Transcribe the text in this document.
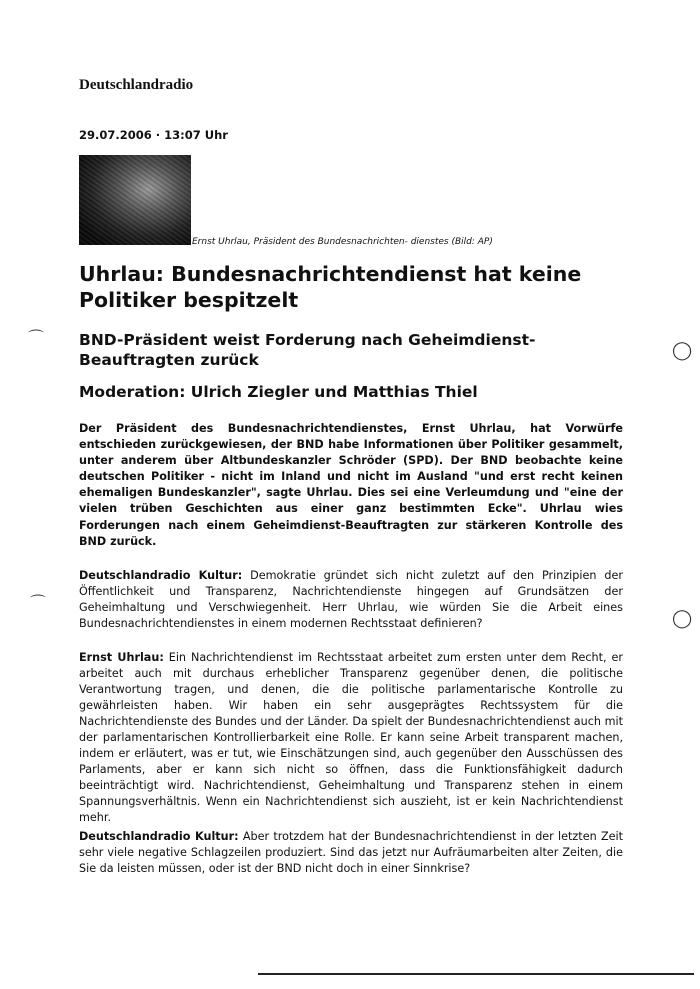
Deutschlandradio
29.07.2006 · 13:07 Uhr
Ernst Uhrlau, Präsident des Bundesnachrichten- dienstes (Bild: AP)
Uhrlau: Bundesnachrichtendienst hat keine Politiker bespitzelt
BND-Präsident weist Forderung nach Geheimdienst-Beauftragten zurück
Moderation: Ulrich Ziegler und Matthias Thiel

Der Präsident des Bundesnachrichtendienstes, Ernst Uhrlau, hat Vorwürfe entschieden zurückgewiesen, der BND habe Informationen über Politiker gesammelt, unter anderem über Altbundeskanzler Schröder (SPD). Der BND beobachte keine deutschen Politiker - nicht im Inland und nicht im Ausland "und erst recht keinen ehemaligen Bundeskanzler", sagte Uhrlau. Dies sei eine Verleumdung und "eine der vielen trüben Geschichten aus einer ganz bestimmten Ecke". Uhrlau wies Forderungen nach einem Geheimdienst-Beauftragten zur stärkeren Kontrolle des BND zurück.

Deutschlandradio Kultur: Demokratie gründet sich nicht zuletzt auf den Prinzipien der Öffentlichkeit und Transparenz, Nachrichtendienste hingegen auf Grundsätzen der Geheimhaltung und Verschwiegenheit. Herr Uhrlau, wie würden Sie die Arbeit eines Bundesnachrichtendienstes in einem modernen Rechtsstaat definieren?

Ernst Uhrlau: Ein Nachrichtendienst im Rechtsstaat arbeitet zum ersten unter dem Recht, er arbeitet auch mit durchaus erheblicher Transparenz gegenüber denen, die politische Verantwortung tragen, und denen, die die politische parlamentarische Kontrolle zu gewährleisten haben. Wir haben ein sehr ausgeprägtes Rechtssystem für die Nachrichtendienste des Bundes und der Länder. Da spielt der Bundesnachrichtendienst auch mit der parlamentarischen Kontrollierbarkeit eine Rolle. Er kann seine Arbeit transparent machen, indem er erläutert, was er tut, wie Einschätzungen sind, auch gegenüber den Ausschüssen des Parlaments, aber er kann sich nicht so öffnen, dass die Funktionsfähigkeit dadurch beeinträchtigt wird. Nachrichtendienst, Geheimhaltung und Transparenz stehen in einem Spannungsverhältnis. Wenn ein Nachrichtendienst sich auszieht, ist er kein Nachrichtendienst mehr.

Deutschlandradio Kultur: Aber trotzdem hat der Bundesnachrichtendienst in der letzten Zeit sehr viele negative Schlagzeilen produziert. Sind das jetzt nur Aufräumarbeiten alter Zeiten, die Sie da leisten müssen, oder ist der BND nicht doch in einer Sinnkrise?

⌒
⌒
◯
◯
